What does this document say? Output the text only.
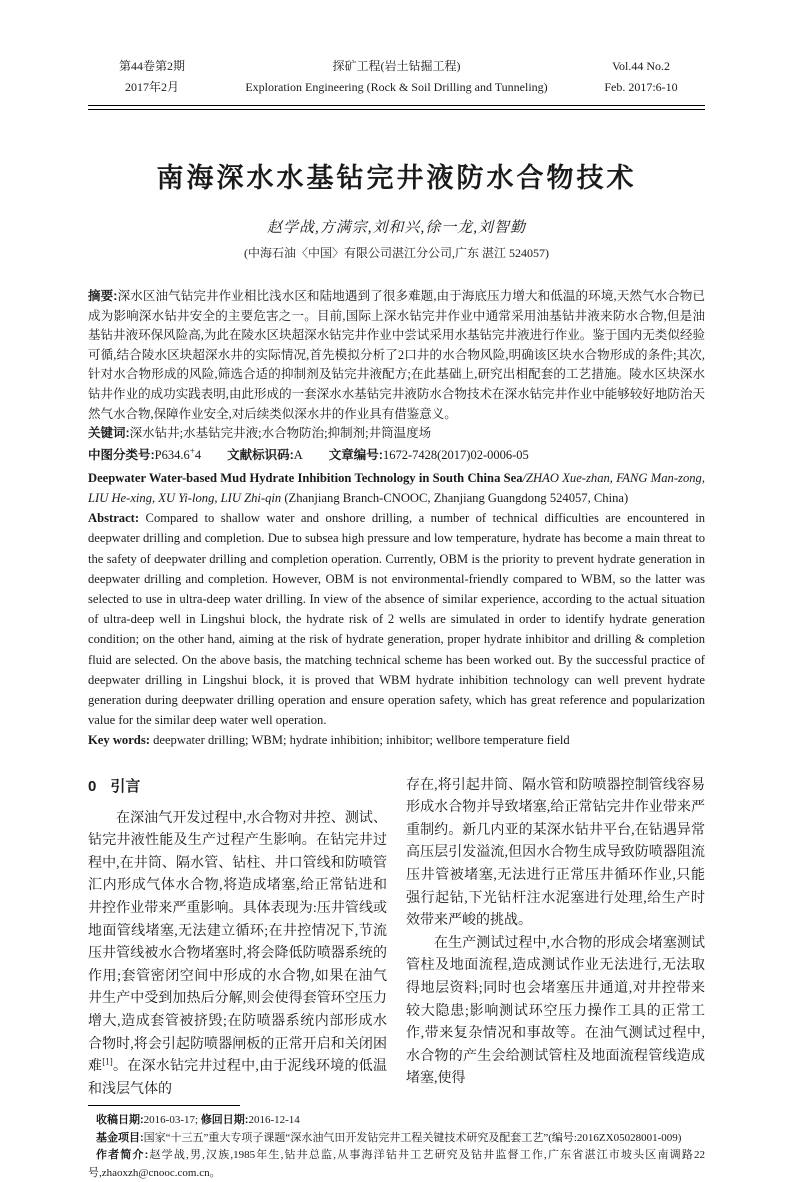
第44卷第2期
2017年2月
探矿工程(岩土钻掘工程)
Exploration Engineering (Rock & Soil Drilling and Tunneling)
Vol.44 No.2
Feb. 2017:6-10
南海深水水基钻完井液防水合物技术
赵学战,方满宗,刘和兴,徐一龙,刘智勤
(中海石油〈中国〉有限公司湛江分公司,广东 湛江 524057)
摘要:深水区油气钻完井作业相比浅水区和陆地遇到了很多难题,由于海底压力增大和低温的环境,天然气水合物已成为影响深水钻井安全的主要危害之一。目前,国际上深水钻完井作业中通常采用油基钻井液来防水合物,但是油基钻井液环保风险高,为此在陵水区块超深水钻完井作业中尝试采用水基钻完井液进行作业。鉴于国内无类似经验可循,结合陵水区块超深水井的实际情况,首先模拟分析了2口井的水合物风险,明确该区块水合物形成的条件;其次,针对水合物形成的风险,筛选合适的抑制剂及钻完井液配方;在此基础上,研究出相配套的工艺措施。陵水区块深水钻井作业的成功实践表明,由此形成的一套深水水基钻完井液防水合物技术在深水钻完井作业中能够较好地防治天然气水合物,保障作业安全,对后续类似深水井的作业具有借鉴意义。
关键词:深水钻井;水基钻完井液;水合物防治;抑制剂;井筒温度场
中图分类号:P634.6+4 文献标识码:A 文章编号:1672-7428(2017)02-0006-05
Deepwater Water-based Mud Hydrate Inhibition Technology in South China Sea/ZHAO Xue-zhan, FANG Man-zong, LIU He-xing, XU Yi-long, LIU Zhi-qin (Zhanjiang Branch-CNOOC, Zhanjiang Guangdong 524057, China)
Abstract: Compared to shallow water and onshore drilling, a number of technical difficulties are encountered in deepwater drilling and completion. Due to subsea high pressure and low temperature, hydrate has become a main threat to the safety of deepwater drilling and completion operation. Currently, OBM is the priority to prevent hydrate generation in deepwater drilling and completion. However, OBM is not environmental-friendly compared to WBM, so the latter was selected to use in ultra-deep water drilling. In view of the absence of similar experience, according to the actual situation of ultra-deep well in Lingshui block, the hydrate risk of 2 wells are simulated in order to identify hydrate generation condition; on the other hand, aiming at the risk of hydrate generation, proper hydrate inhibitor and drilling & completion fluid are selected. On the above basis, the matching technical scheme has been worked out. By the successful practice of deepwater drilling in Lingshui block, it is proved that WBM hydrate inhibition technology can well prevent hydrate generation during deepwater drilling operation and ensure operation safety, which has great reference and popularization value for the similar deep water well operation.
Key words: deepwater drilling; WBM; hydrate inhibition; inhibitor; wellbore temperature field
0 引言
在深油气开发过程中,水合物对井控、测试、钻完井液性能及生产过程产生影响。在钻完井过程中,在井筒、隔水管、钻柱、井口管线和防喷管汇内形成气体水合物,将造成堵塞,给正常钻进和井控作业带来严重影响。具体表现为:压井管线或地面管线堵塞,无法建立循环;在井控情况下,节流压井管线被水合物堵塞时,将会降低防喷器系统的作用;套管密闭空间中形成的水合物,如果在油气井生产中受到加热后分解,则会使得套管环空压力增大,造成套管被挤毁;在防喷器系统内部形成水合物时,将会引起防喷器闸板的正常开启和关闭困难[1]。在深水钻完井过程中,由于泥线环境的低温和浅层气体的
存在,将引起井筒、隔水管和防喷器控制管线容易形成水合物并导致堵塞,给正常钻完井作业带来严重制约。新几内亚的某深水钻井平台,在钻遇异常高压层引发溢流,但因水合物生成导致防喷器阻流压井管被堵塞,无法进行正常压井循环作业,只能强行起钻,下光钻杆注水泥塞进行处理,给生产时效带来严峻的挑战。
在生产测试过程中,水合物的形成会堵塞测试管柱及地面流程,造成测试作业无法进行,无法取得地层资料;同时也会堵塞压井通道,对井控带来较大隐患;影响测试环空压力操作工具的正常工作,带来复杂情况和事故等。在油气测试过程中,水合物的产生会给测试管柱及地面流程管线造成堵塞,使得
收稿日期:2016-03-17; 修回日期:2016-12-14
基金项目:国家“十三五”重大专项子课题“深水油气田开发钻完井工程关键技术研究及配套工艺”(编号:2016ZX05028001-009)
作者简介:赵学战,男,汉族,1985年生,钻井总监,从事海洋钻井工艺研究及钻井监督工作,广东省湛江市坡头区南调路22号,zhaoxzh@cnooc.com.cn。
